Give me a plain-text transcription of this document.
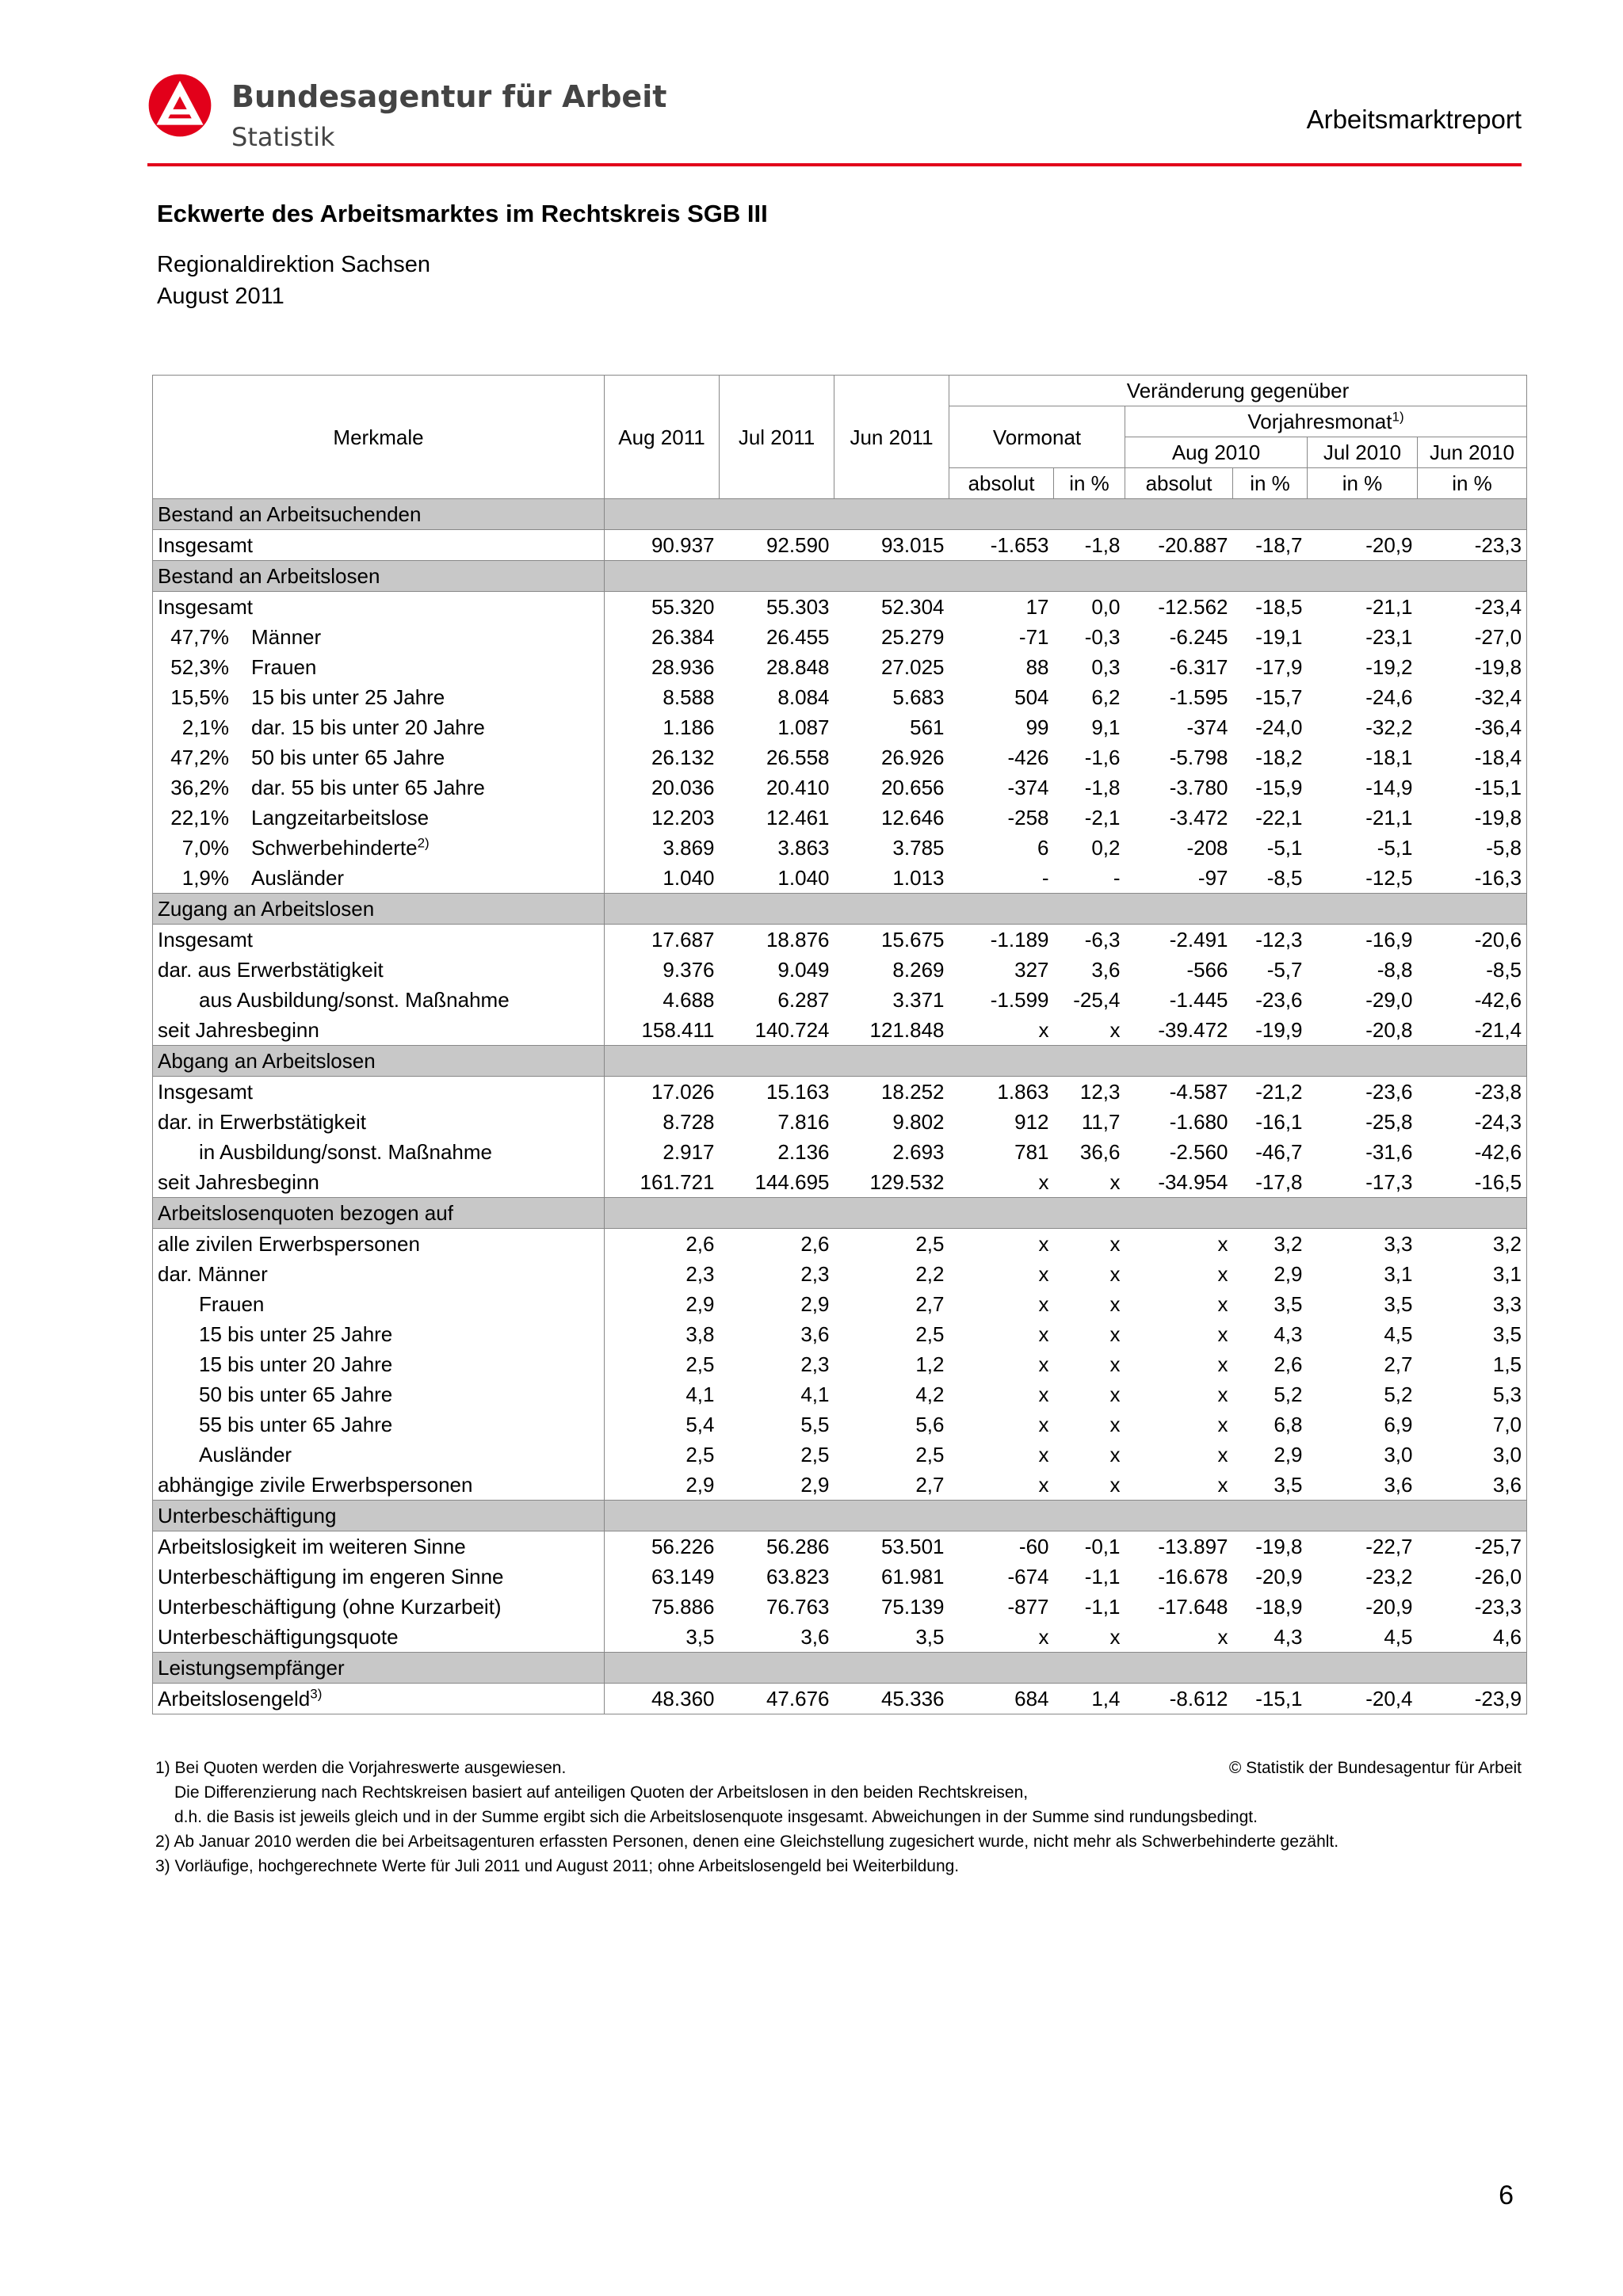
Bundesagentur für Arbeit
Statistik
Arbeitsmarktreport
Eckwerte des Arbeitsmarktes im Rechtskreis SGB III
Regionaldirektion Sachsen
August 2011
Merkmale	Aug 2011	Jul 2011	Jun 2011	Veränderung gegenüber					
				Vormonat		Vorjahresmonat$^{1)}$
						Aug 2010		Jul 2010	Jun 2010
				absolut	in %	absolut	in %	in %	in %
Bestand an Arbeitsuchenden									
Insgesamt	90.937	92.590	93.015	-1.653	-1,8	-20.887	-18,7	-20,9	-23,3
Bestand an Arbeitslosen									
Insgesamt	55.320	55.303	52.304	17	0,0	-12.562	-18,5	-21,1	-23,4
47,7% Männer	26.384	26.455	25.279	-71	-0,3	-6.245	-19,1	-23,1	-27,0
52,3% Frauen	28.936	28.848	27.025	88	0,3	-6.317	-17,9	-19,2	-19,8
15,5% 15 bis unter 25 Jahre	8.588	8.084	5.683	504	6,2	-1.595	-15,7	-24,6	-32,4
2,1% dar. 15 bis unter 20 Jahre	1.186	1.087	561	99	9,1	-374	-24,0	-32,2	-36,4
47,2% 50 bis unter 65 Jahre	26.132	26.558	26.926	-426	-1,6	-5.798	-18,2	-18,1	-18,4
36,2% dar. 55 bis unter 65 Jahre	20.036	20.410	20.656	-374	-1,8	-3.780	-15,9	-14,9	-15,1
22,1% Langzeitarbeitslose	12.203	12.461	12.646	-258	-2,1	-3.472	-22,1	-21,1	-19,8
7,0% Schwerbehinderte$^{2)}$	3.869	3.863	3.785	6	0,2	-208	-5,1	-5,1	-5,8
1,9% Ausländer	1.040	1.040	1.013	-	-	-97	-8,5	-12,5	-16,3
Zugang an Arbeitslosen									
Insgesamt	17.687	18.876	15.675	-1.189	-6,3	-2.491	-12,3	-16,9	-20,6
dar. aus Erwerbstätigkeit	9.376	9.049	8.269	327	3,6	-566	-5,7	-8,8	-8,5
aus Ausbildung/sonst. Maßnahme	4.688	6.287	3.371	-1.599	-25,4	-1.445	-23,6	-29,0	-42,6
seit Jahresbeginn	158.411	140.724	121.848	x	x	-39.472	-19,9	-20,8	-21,4
Abgang an Arbeitslosen									
Insgesamt	17.026	15.163	18.252	1.863	12,3	-4.587	-21,2	-23,6	-23,8
dar. in Erwerbstätigkeit	8.728	7.816	9.802	912	11,7	-1.680	-16,1	-25,8	-24,3
in Ausbildung/sonst. Maßnahme	2.917	2.136	2.693	781	36,6	-2.560	-46,7	-31,6	-42,6
seit Jahresbeginn	161.721	144.695	129.532	x	x	-34.954	-17,8	-17,3	-16,5
Arbeitslosenquoten bezogen auf									
alle zivilen Erwerbspersonen	2,6	2,6	2,5	x	x	x	3,2	3,3	3,2
dar. Männer	2,3	2,3	2,2	x	x	x	2,9	3,1	3,1
Frauen	2,9	2,9	2,7	x	x	x	3,5	3,5	3,3
15 bis unter 25 Jahre	3,8	3,6	2,5	x	x	x	4,3	4,5	3,5
15 bis unter 20 Jahre	2,5	2,3	1,2	x	x	x	2,6	2,7	1,5
50 bis unter 65 Jahre	4,1	4,1	4,2	x	x	x	5,2	5,2	5,3
55 bis unter 65 Jahre	5,4	5,5	5,6	x	x	x	6,8	6,9	7,0
Ausländer	2,5	2,5	2,5	x	x	x	2,9	3,0	3,0
abhängige zivile Erwerbspersonen	2,9	2,9	2,7	x	x	x	3,5	3,6	3,6
Unterbeschäftigung									
Arbeitslosigkeit im weiteren Sinne	56.226	56.286	53.501	-60	-0,1	-13.897	-19,8	-22,7	-25,7
Unterbeschäftigung im engeren Sinne	63.149	63.823	61.981	-674	-1,1	-16.678	-20,9	-23,2	-26,0
Unterbeschäftigung (ohne Kurzarbeit)	75.886	76.763	75.139	-877	-1,1	-17.648	-18,9	-20,9	-23,3
Unterbeschäftigungsquote	3,5	3,6	3,5	x	x	x	4,3	4,5	4,6
Leistungsempfänger									
Arbeitslosengeld$^{3)}$	48.360	47.676	45.336	684	1,4	-8.612	-15,1	-20,4	-23,9
1) Bei Quoten werden die Vorjahreswerte ausgewiesen.
Die Differenzierung nach Rechtskreisen basiert auf anteiligen Quoten der Arbeitslosen in den beiden Rechtskreisen,
d.h. die Basis ist jeweils gleich und in der Summe ergibt sich die Arbeitslosenquote insgesamt. Abweichungen in der Summe sind rundungsbedingt.
2) Ab Januar 2010 werden die bei Arbeitsagenturen erfassten Personen, denen eine Gleichstellung zugesichert wurde, nicht mehr als Schwerbehinderte gezählt.
3) Vorläufige, hochgerechnete Werte für Juli 2011 und August 2011; ohne Arbeitslosengeld bei Weiterbildung.
© Statistik der Bundesagentur für Arbeit
6
